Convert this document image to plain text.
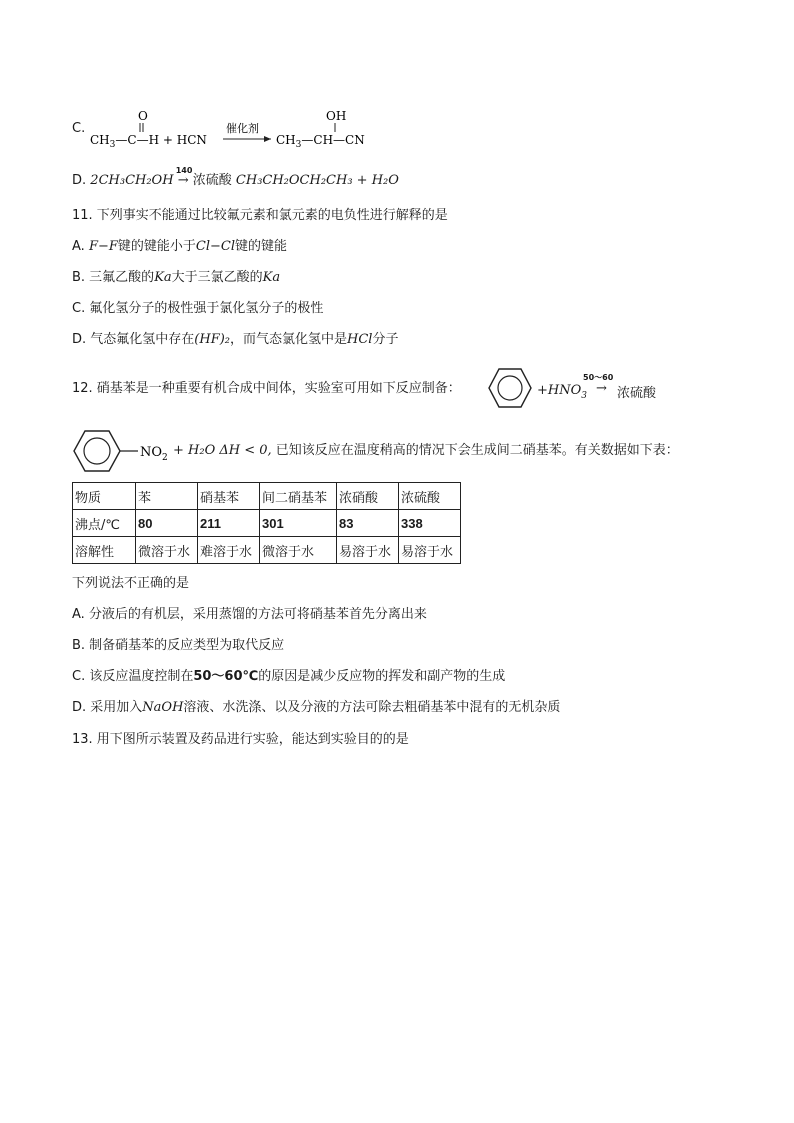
C.
OH
O
$CH_3—C—H$ + HCN
催化剂
$CH_3—CH—CN$
D. 2CH₃CH₂OH
140
→ 浓硫酸 CH₃CH₂OCH₂CH₃ + H₂O
11. 下列事实不能通过比较氟元素和氯元素的电负性进行解释的是
A. F−F键的键能小于Cl−Cl键的键能
B. 三氟乙酸的Ka大于三氯乙酸的Ka
C. 氟化氢分子的极性强于氯化氢分子的极性
D. 气态氟化氢中存在(HF)₂，而气态氯化氢中是HCl分子
12. 硝基苯是一种重要有机合成中间体，实验室可用如下反应制备：	$+HNO_3$
50～60
→ 浓硫酸
$NO_2 + H_2O$ ΔH < 0, 已知该反应在温度稍高的情况下会生成间二硝基苯。有关数据如下表：
物质	苯	硝基苯	间二硝基苯	浓硝酸	浓硫酸
沸点/℃	80	211	301	83	338
溶解性	微溶于水	难溶于水	微溶于水	易溶于水	易溶于水
下列说法不正确的是
A. 分液后的有机层，采用蒸馏的方法可将硝基苯首先分离出来
B. 制备硝基苯的反应类型为取代反应
C. 该反应温度控制在50～60℃的原因是减少反应物的挥发和副产物的生成
D. 采用加入NaOH溶液、水洗涤、以及分液的方法可除去粗硝基苯中混有的无机杂质
13. 用下图所示装置及药品进行实验，能达到实验目的的是
